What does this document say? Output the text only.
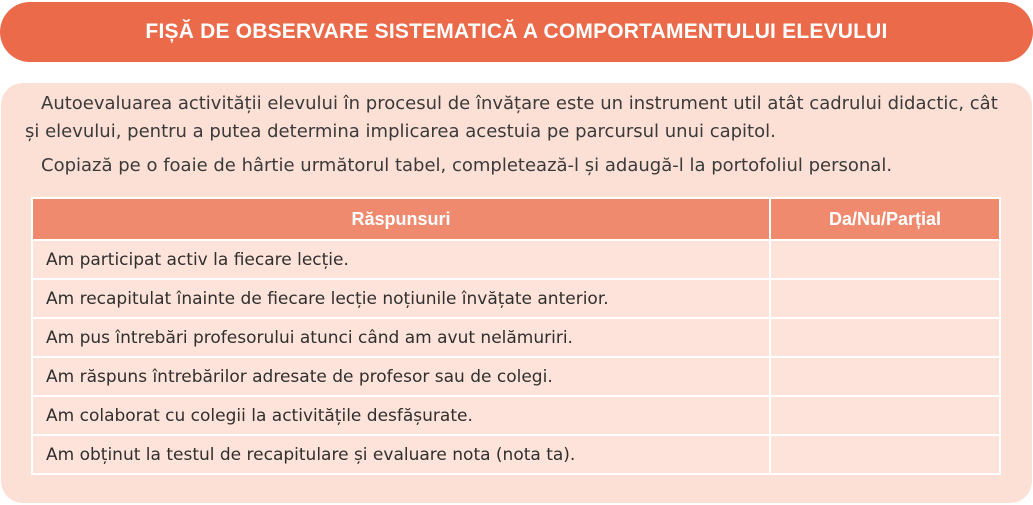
FIȘĂ DE OBSERVARE SISTEMATICĂ A COMPORTAMENTULUI ELEVULUI
Autoevaluarea activității elevului în procesul de învățare este un instrument util atât cadrului didactic, cât și elevului, pentru a putea determina implicarea acestuia pe parcursul unui capitol.
Copiază pe o foaie de hârtie următorul tabel, completează-l și adaugă-l la portofoliul personal.
Răspunsuri	Da/Nu/Parțial
Am participat activ la fiecare lecție.	
Am recapitulat înainte de fiecare lecție noțiunile învățate anterior.	
Am pus întrebări profesorului atunci când am avut nelămuriri.	
Am răspuns întrebărilor adresate de profesor sau de colegi.	
Am colaborat cu colegii la activitățile desfășurate.	
Am obținut la testul de recapitulare și evaluare nota (nota ta).	
